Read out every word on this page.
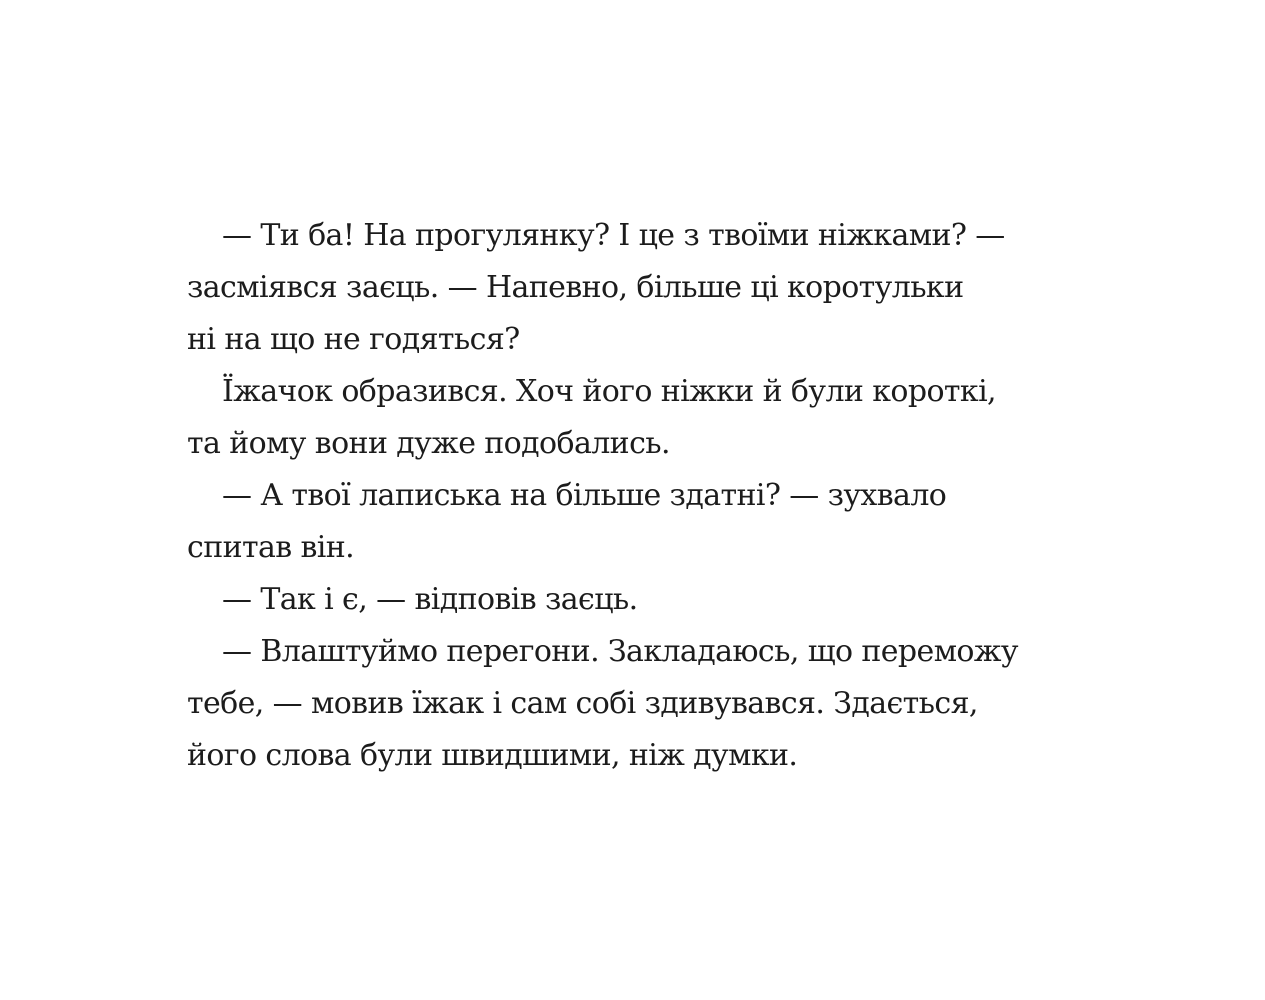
— Ти ба! На прогулянку? І це з твоїми ніжками? —
засміявся заєць. — Напевно, більше ці коротульки
ні на що не годяться?
Їжачок образився. Хоч його ніжки й були короткі,
та йому вони дуже подобались.
— А твої лаписька на більше здатні? — зухвало
спитав він.
— Так і є, — відповів заєць.
— Влаштуймо перегони. Закладаюсь, що переможу
тебе, — мовив їжак і сам собі здивувався. Здається,
його слова були швидшими, ніж думки.
